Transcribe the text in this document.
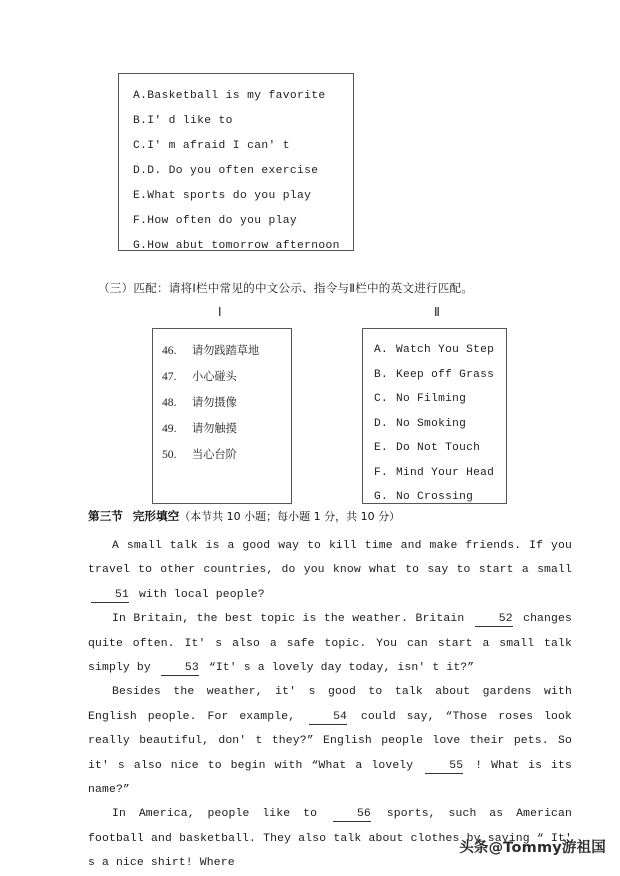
A.Basketball is my favorite
B.I' d like to
C.I' m afraid I can' t
D.D. Do you often exercise
E.What sports do you play
F.How often do you play
G.How abut tomorrow afternoon
（三）匹配：请将Ⅰ栏中常见的中文公示、指令与Ⅱ栏中的英文进行匹配。
Ⅰ	Ⅱ
46. 请勿践踏草地
47. 小心碰头
48. 请勿摄像
49. 请勿触摸
50. 当心台阶
A. Watch You Step
B. Keep off Grass
C. No Filming
D. No Smoking
E. Do Not Touch
F. Mind Your Head
G. No Crossing
第三节 完形填空（本节共 10 小题；每小题 1 分，共 10 分）

A small talk is a good way to kill time and make friends. If you travel to other countries, do you know what to say to start a small 51 with local people?

In Britain, the best topic is the weather. Britain 52 changes quite often. It' s also a safe topic. You can start a small talk simply by 53 “It' s a lovely day today, isn' t it?”

Besides the weather, it' s good to talk about gardens with English people. For example, 54 could say, “Those roses look really beautiful, don' t they?” English people love their pets. So it' s also nice to begin with “What a lovely 55 ! What is its name?”

In America, people like to 56 sports, such as American football and basketball. They also talk about clothes by saying “ It' s a nice shirt! Where

头条@Tommy游祖国
